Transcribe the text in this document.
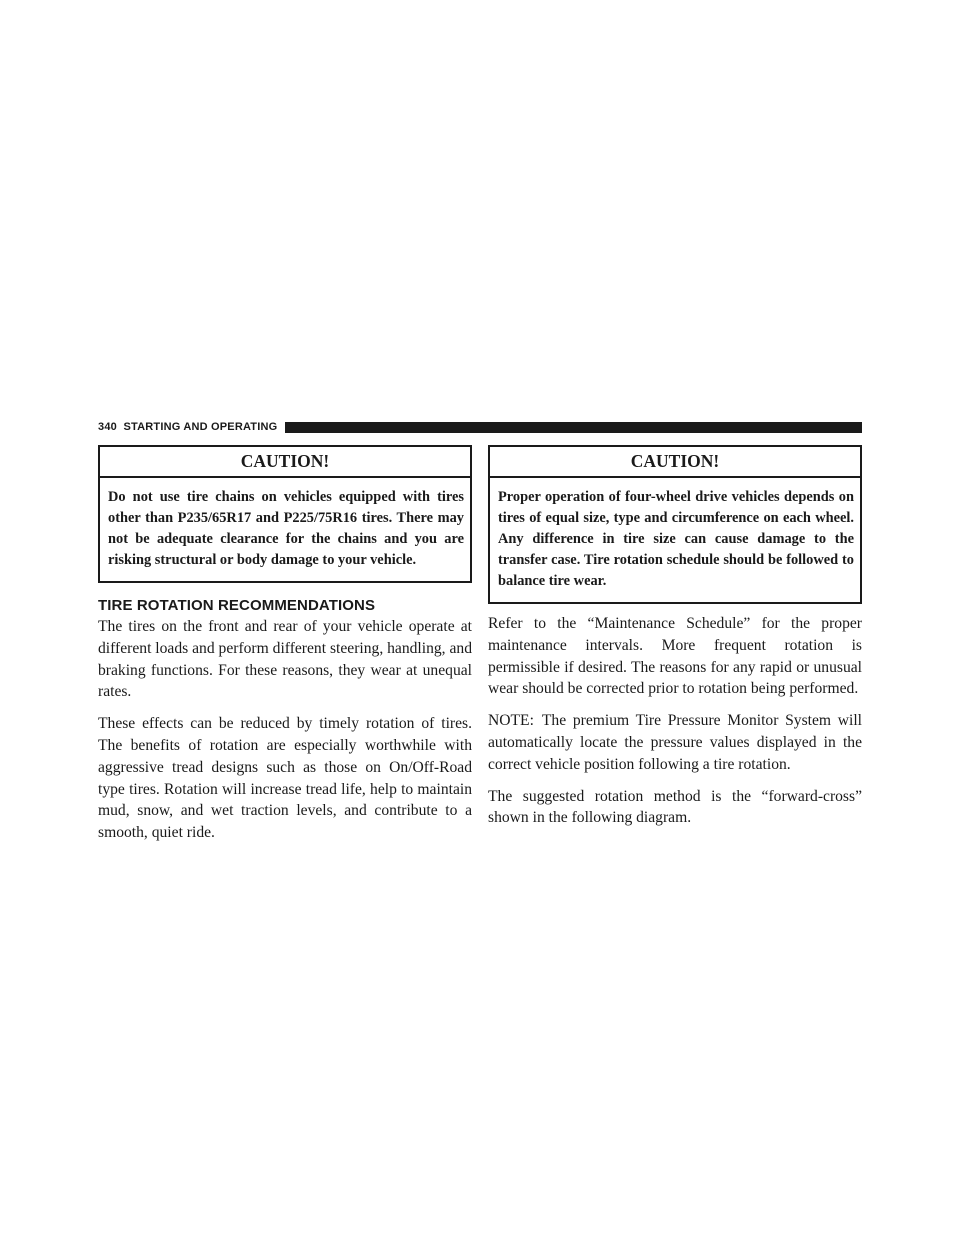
340 STARTING AND OPERATING
CAUTION!
Do not use tire chains on vehicles equipped with tires other than P235/65R17 and P225/75R16 tires. There may not be adequate clearance for the chains and you are risking structural or body damage to your vehicle.
TIRE ROTATION RECOMMENDATIONS

The tires on the front and rear of your vehicle operate at different loads and perform different steering, handling, and braking functions. For these reasons, they wear at unequal rates.

These effects can be reduced by timely rotation of tires. The benefits of rotation are especially worthwhile with aggressive tread designs such as those on On/Off-Road type tires. Rotation will increase tread life, help to maintain mud, snow, and wet traction levels, and contribute to a smooth, quiet ride.

CAUTION!
Proper operation of four-wheel drive vehicles depends on tires of equal size, type and circumference on each wheel. Any difference in tire size can cause damage to the transfer case. Tire rotation schedule should be followed to balance tire wear.

Refer to the “Maintenance Schedule” for the proper maintenance intervals. More frequent rotation is permissible if desired. The reasons for any rapid or unusual wear should be corrected prior to rotation being performed.

NOTE: The premium Tire Pressure Monitor System will automatically locate the pressure values displayed in the correct vehicle position following a tire rotation.

The suggested rotation method is the “forward-cross” shown in the following diagram.
